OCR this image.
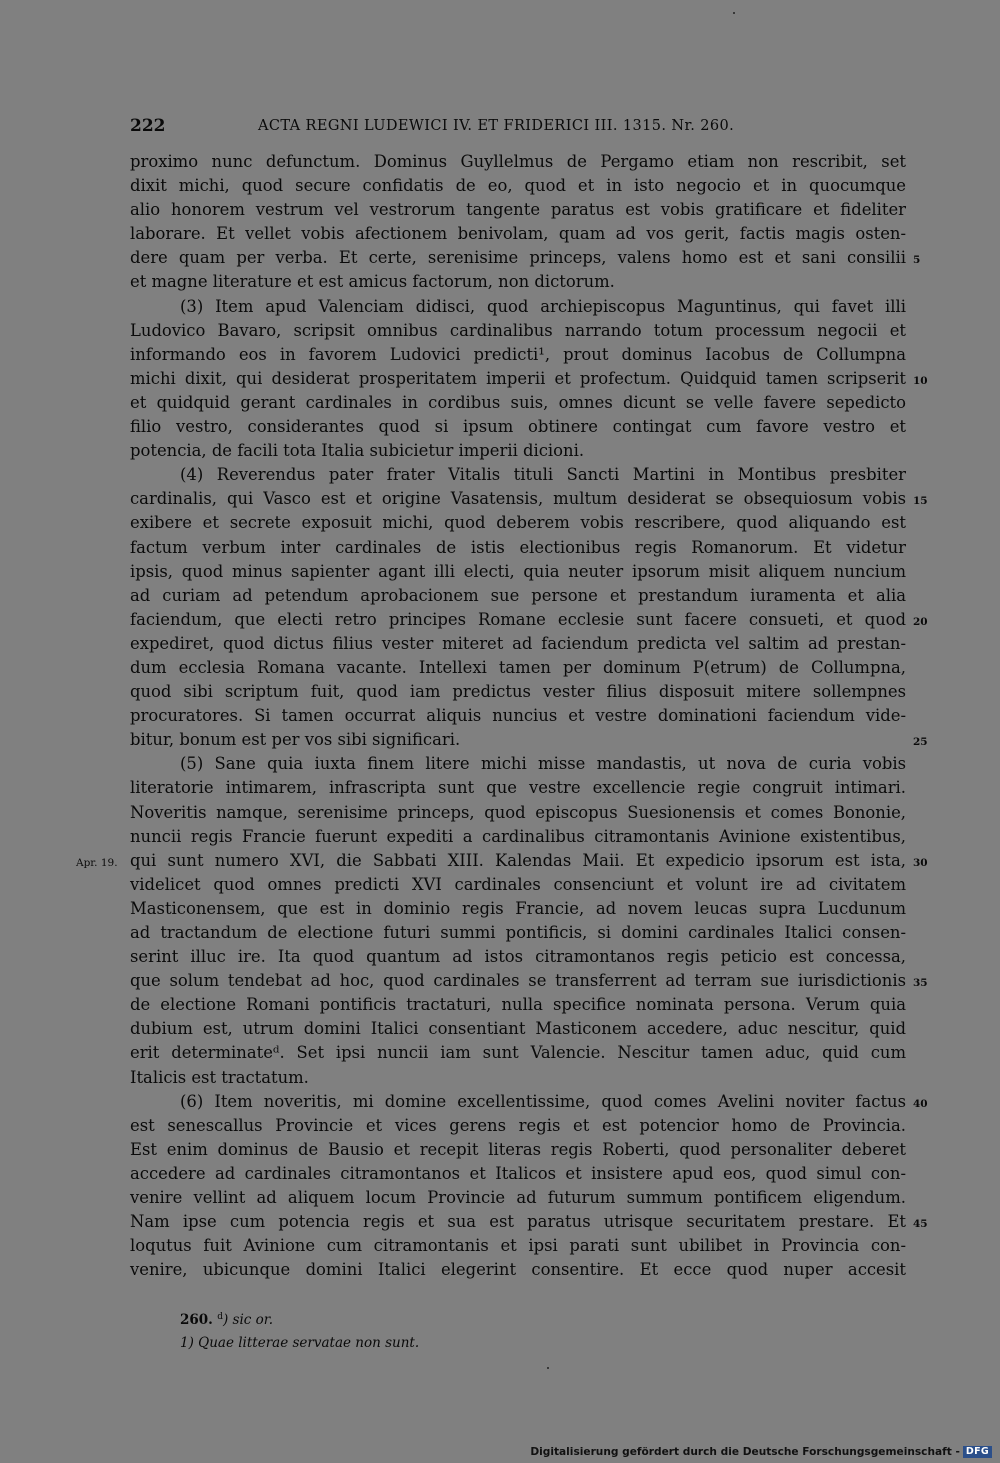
222	ACTA REGNI LUDEWICI IV. ET FRIDERICI III. 1315. Nr. 260.
proximo nunc defunctum. Dominus Guyllelmus de Pergamo etiam non rescribit, set
dixit michi, quod secure confidatis de eo, quod et in isto negocio et in quocumque
alio honorem vestrum vel vestrorum tangente paratus est vobis gratificare et fideliter
laborare. Et vellet vobis afectionem benivolam, quam ad vos gerit, factis magis osten-
dere quam per verba. Et certe, serenisime princeps, valens homo est et sani consilii
et magne literature et est amicus factorum, non dictorum.
(3) Item apud Valenciam didisci, quod archiepiscopus Maguntinus, qui favet illi
Ludovico Bavaro, scripsit omnibus cardinalibus narrando totum processum negocii et
informando eos in favorem Ludovici predicti¹, prout dominus Iacobus de Collumpna
michi dixit, qui desiderat prosperitatem imperii et profectum. Quidquid tamen scripserit
et quidquid gerant cardinales in cordibus suis, omnes dicunt se velle favere sepedicto
filio vestro, considerantes quod si ipsum obtinere contingat cum favore vestro et
potencia, de facili tota Italia subicietur imperii dicioni.
(4) Reverendus pater frater Vitalis tituli Sancti Martini in Montibus presbiter
cardinalis, qui Vasco est et origine Vasatensis, multum desiderat se obsequiosum vobis
exibere et secrete exposuit michi, quod deberem vobis rescribere, quod aliquando est
factum verbum inter cardinales de istis electionibus regis Romanorum. Et videtur
ipsis, quod minus sapienter agant illi electi, quia neuter ipsorum misit aliquem nuncium
ad curiam ad petendum aprobacionem sue persone et prestandum iuramenta et alia
faciendum, que electi retro principes Romane ecclesie sunt facere consueti, et quod
expediret, quod dictus filius vester miteret ad faciendum predicta vel saltim ad prestan-
dum ecclesia Romana vacante. Intellexi tamen per dominum P(etrum) de Collumpna,
quod sibi scriptum fuit, quod iam predictus vester filius disposuit mitere sollempnes
procuratores. Si tamen occurrat aliquis nuncius et vestre dominationi faciendum vide-
bitur, bonum est per vos sibi significari.
(5) Sane quia iuxta finem litere michi misse mandastis, ut nova de curia vobis
literatorie intimarem, infrascripta sunt que vestre excellencie regie congruit intimari.
Noveritis namque, serenisime princeps, quod episcopus Suesionensis et comes Bononie,
nuncii regis Francie fuerunt expediti a cardinalibus citramontanis Avinione existentibus,
qui sunt numero XVI, die Sabbati XIII. Kalendas Maii. Et expedicio ipsorum est ista,
videlicet quod omnes predicti XVI cardinales consenciunt et volunt ire ad civitatem
Masticonensem, que est in dominio regis Francie, ad novem leucas supra Lucdunum
ad tractandum de electione futuri summi pontificis, si domini cardinales Italici consen-
serint illuc ire. Ita quod quantum ad istos citramontanos regis peticio est concessa,
que solum tendebat ad hoc, quod cardinales se transferrent ad terram sue iurisdictionis
de electione Romani pontificis tractaturi, nulla specifice nominata persona. Verum quia
dubium est, utrum domini Italici consentiant Masticonem accedere, aduc nescitur, quid
erit determinateᵈ. Set ipsi nuncii iam sunt Valencie. Nescitur tamen aduc, quid cum
Italicis est tractatum.
(6) Item noveritis, mi domine excellentissime, quod comes Avelini noviter factus
est senescallus Provincie et vices gerens regis et est potencior homo de Provincia.
Est enim dominus de Bausio et recepit literas regis Roberti, quod personaliter deberet
accedere ad cardinales citramontanos et Italicos et insistere apud eos, quod simul con-
venire vellint ad aliquem locum Provincie ad futurum summum pontificem eligendum.
Nam ipse cum potencia regis et sua est paratus utrisque securitatem prestare. Et
loqutus fuit Avinione cum citramontanis et ipsi parati sunt ubilibet in Provincia con-
venire, ubicunque domini Italici elegerint consentire. Et ecce quod nuper accesit
5
10
15
20
25
30
Apr. 19.
35
40
45
260. $^d$) sic or.
1) Quae litterae servatae non sunt.
Digitalisierung gefördert durch die Deutsche Forschungsgemeinschaft - DFG
